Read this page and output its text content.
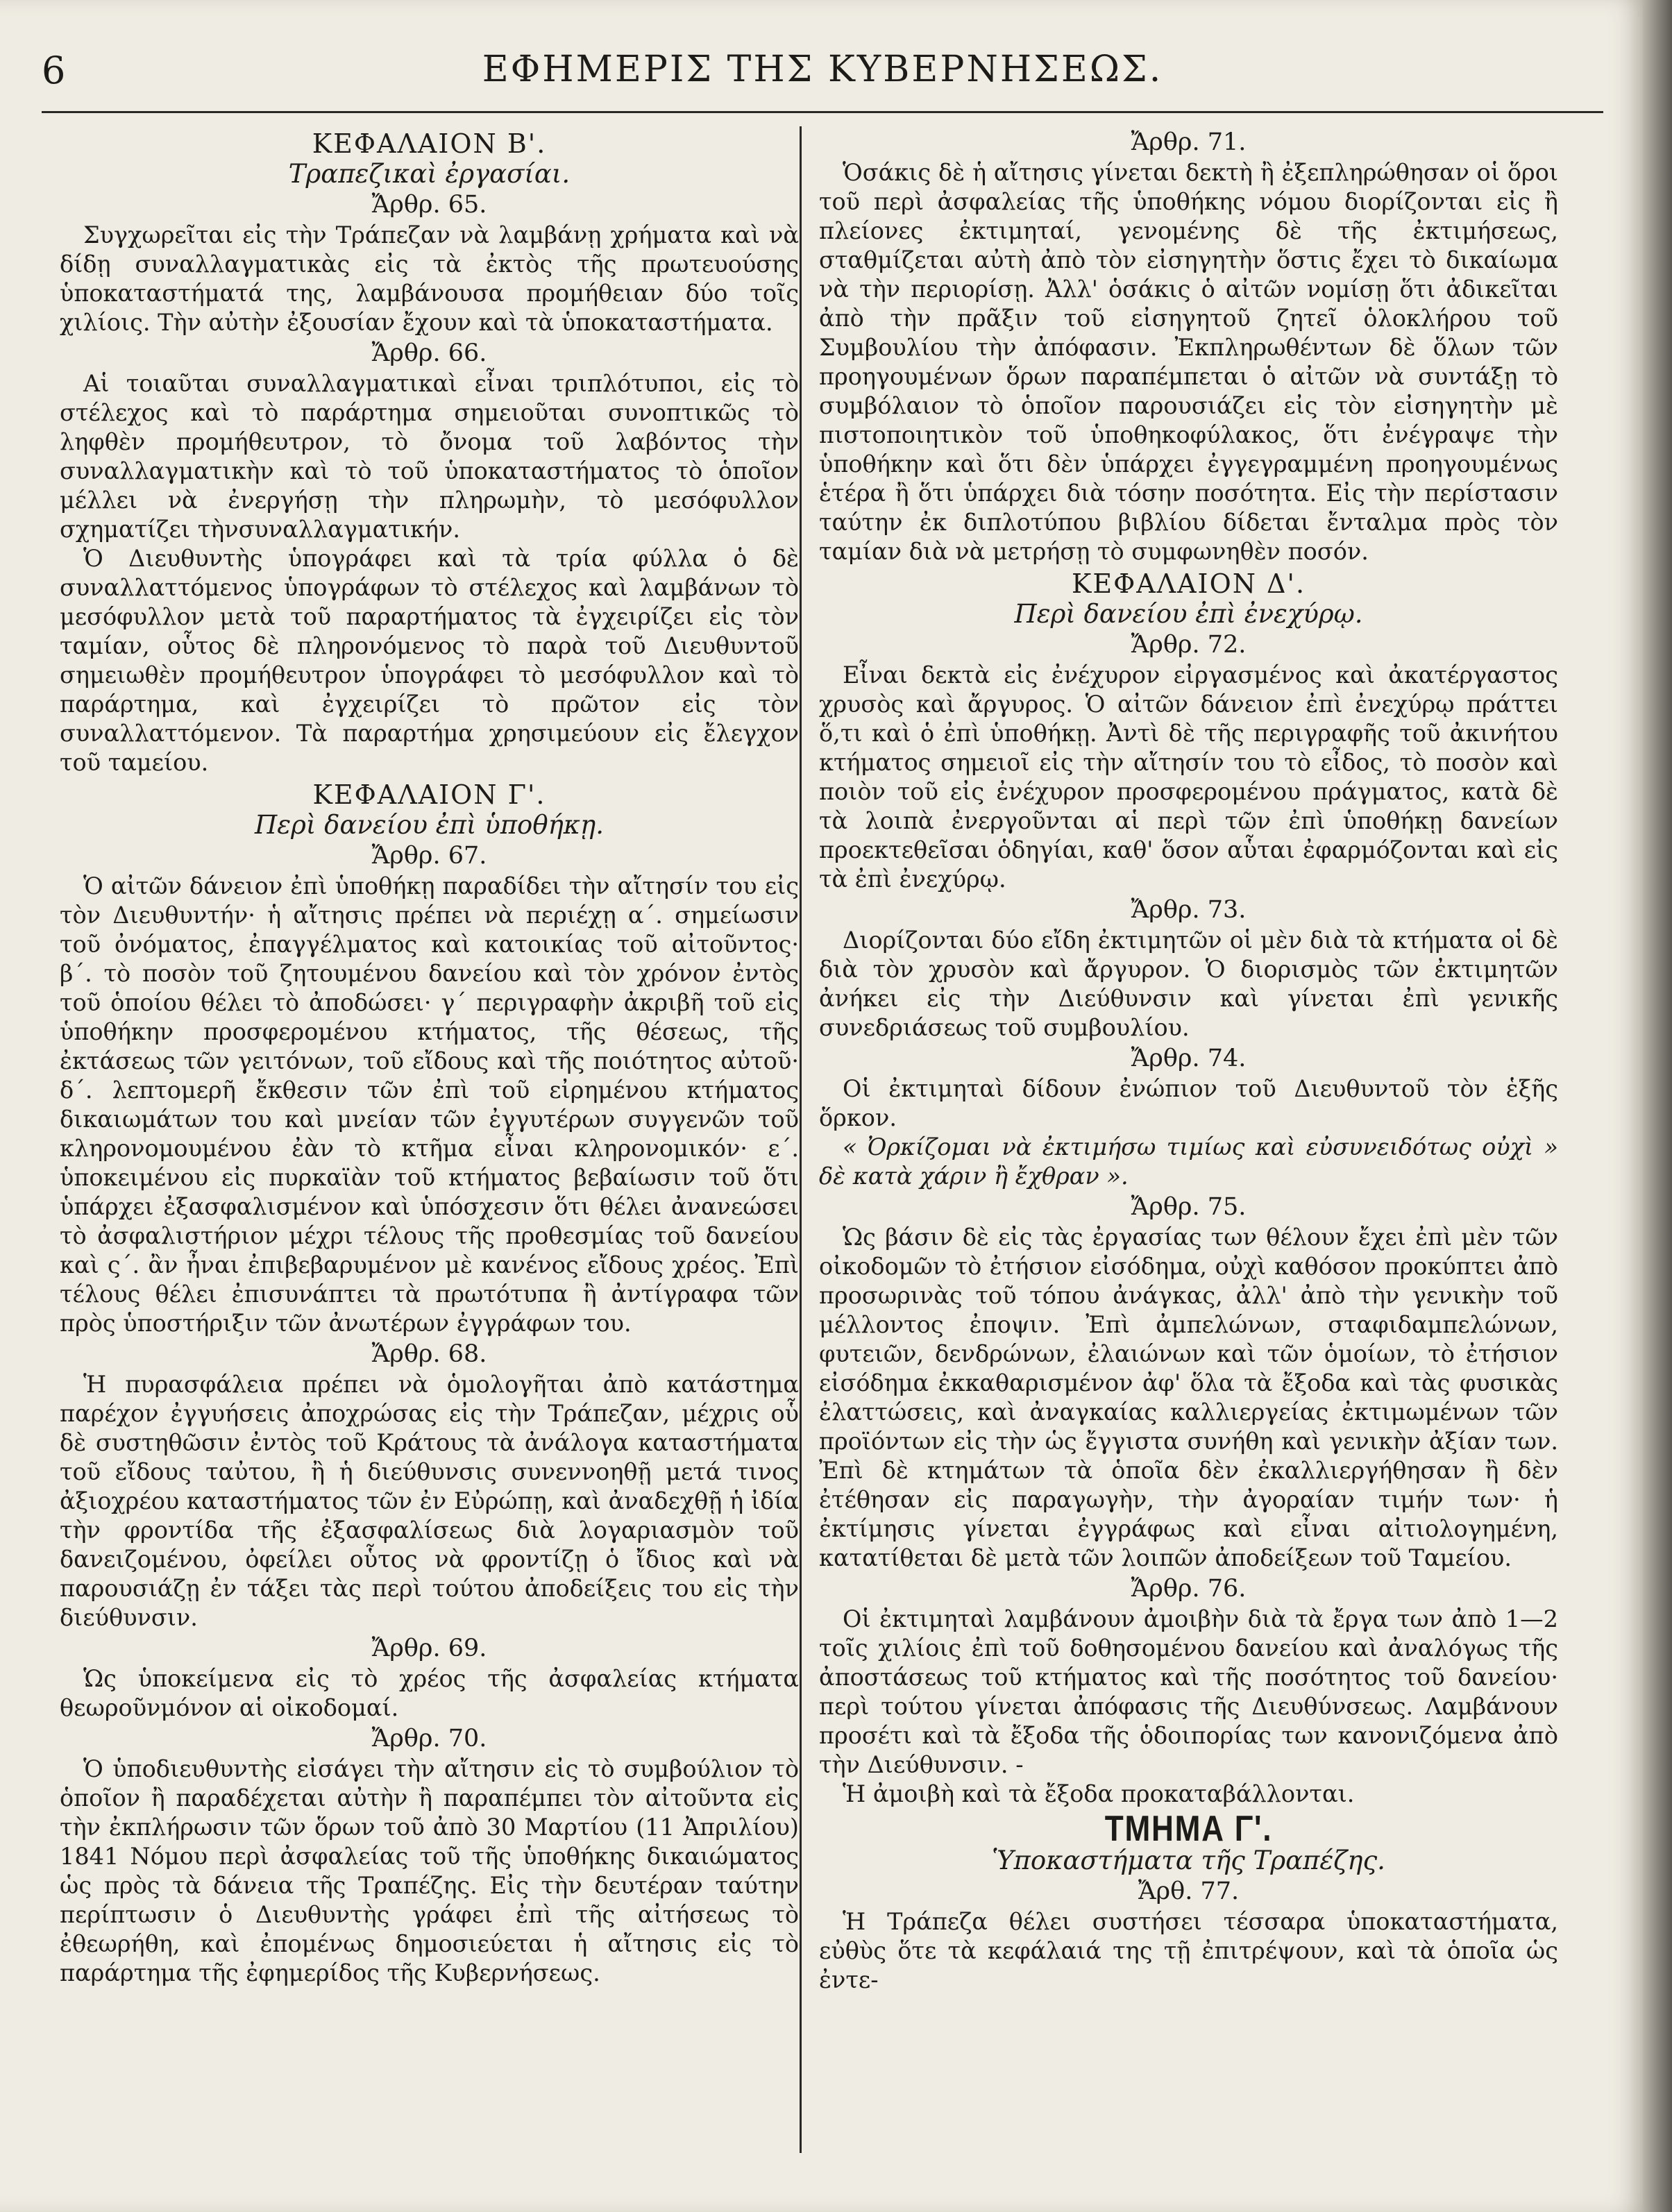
6	ΕΦΗΜΕΡΙΣ ΤΗΣ ΚΥΒΕΡΝΗΣΕΩΣ.
ΚΕΦΑΛΑΙΟΝ Β'.
Τραπεζικαὶ ἐργασίαι.
Ἄρθρ. 65.

Συγχωρεῖται εἰς τὴν Τράπεζαν νὰ λαμβάνῃ χρήματα καὶ νὰ δίδῃ συναλλαγματικὰς εἰς τὰ ἐκτὸς τῆς πρωτευούσης ὑποκαταστήματά της, λαμβάνουσα προμήθειαν δύο τοῖς χιλίοις. Τὴν αὐτὴν ἐξουσίαν ἔχουν καὶ τὰ ὑποκαταστήματα.

Ἄρθρ. 66.

Αἱ τοιαῦται συναλλαγματικαὶ εἶναι τριπλότυποι, εἰς τὸ στέλεχος καὶ τὸ παράρτημα σημειοῦται συνοπτικῶς τὸ ληφθὲν προμήθευτρον, τὸ ὄνομα τοῦ λαβόντος τὴν συναλλαγματικὴν καὶ τὸ τοῦ ὑποκαταστήματος τὸ ὁποῖον μέλλει νὰ ἐνεργήσῃ τὴν πληρωμὴν, τὸ μεσόφυλλον σχηματίζει τὴνσυναλλαγματικήν.

Ὁ Διευθυντὴς ὑπογράφει καὶ τὰ τρία φύλλα ὁ δὲ συναλλαττόμενος ὑπογράφων τὸ στέλεχος καὶ λαμβάνων τὸ μεσόφυλλον μετὰ τοῦ παραρτήματος τὰ ἐγχειρίζει εἰς τὸν ταμίαν, οὗτος δὲ πληρονόμενος τὸ παρὰ τοῦ Διευθυντοῦ σημειωθὲν προμήθευτρον ὑπογράφει τὸ μεσόφυλλον καὶ τὸ παράρτημα, καὶ ἐγχειρίζει τὸ πρῶτον εἰς τὸν συναλλαττόμενον. Τὰ παραρτήμα χρησιμεύουν εἰς ἔλεγχον τοῦ ταμείου.

ΚΕΦΑΛΑΙΟΝ Γ'.
Περὶ δανείου ἐπὶ ὑποθήκῃ.
Ἄρθρ. 67.

Ὁ αἰτῶν δάνειον ἐπὶ ὑποθήκῃ παραδίδει τὴν αἴτησίν του εἰς τὸν Διευθυντήν· ἡ αἴτησις πρέπει νὰ περιέχῃ α΄. σημείωσιν τοῦ ὀνόματος, ἐπαγγέλματος καὶ κατοικίας τοῦ αἰτοῦντος· β΄. τὸ ποσὸν τοῦ ζητουμένου δανείου καὶ τὸν χρόνον ἐντὸς τοῦ ὁποίου θέλει τὸ ἀποδώσει· γ΄ περιγραφὴν ἀκριβῆ τοῦ εἰς ὑποθήκην προσφερομένου κτήματος, τῆς θέσεως, τῆς ἐκτάσεως τῶν γειτόνων, τοῦ εἴδους καὶ τῆς ποιότητος αὐτοῦ· δ΄. λεπτομερῆ ἔκθεσιν τῶν ἐπὶ τοῦ εἰρημένου κτήματος δικαιωμάτων του καὶ μνείαν τῶν ἐγγυτέρων συγγενῶν τοῦ κληρονομουμένου ἐὰν τὸ κτῆμα εἶναι κληρονομικόν· ε΄. ὑποκειμένου εἰς πυρκαϊὰν τοῦ κτήματος βεβαίωσιν τοῦ ὅτι ὑπάρχει ἐξασφαλισμένον καὶ ὑπόσχεσιν ὅτι θέλει ἀνανεώσει τὸ ἀσφαλιστήριον μέχρι τέλους τῆς προθεσμίας τοῦ δανείου καὶ ς΄. ἂν ἦναι ἐπιβεβαρυμένον μὲ κανένος εἴδους χρέος. Ἐπὶ τέλους θέλει ἐπισυνάπτει τὰ πρωτότυπα ἢ ἀντίγραφα τῶν πρὸς ὑποστήριξιν τῶν ἀνωτέρων ἐγγράφων του.

Ἄρθρ. 68.

Ἡ πυρασφάλεια πρέπει νὰ ὁμολογῆται ἀπὸ κατάστημα παρέχον ἐγγυήσεις ἀποχρώσας εἰς τὴν Τράπεζαν, μέχρις οὗ δὲ συστηθῶσιν ἐντὸς τοῦ Κράτους τὰ ἀνάλογα καταστήματα τοῦ εἴδους ταὐτου, ἢ ἡ διεύθυνσις συνεννοηθῇ μετά τινος ἀξιοχρέου καταστήματος τῶν ἐν Εὐρώπῃ, καὶ ἀναδεχθῇ ἡ ἰδία τὴν φροντίδα τῆς ἐξασφαλίσεως διὰ λογαριασμὸν τοῦ δανειζομένου, ὀφείλει οὗτος νὰ φροντίζῃ ὁ ἴδιος καὶ νὰ παρουσιάζῃ ἐν τάξει τὰς περὶ τούτου ἀποδείξεις του εἰς τὴν διεύθυνσιν.

Ἄρθρ. 69.

Ὡς ὑποκείμενα εἰς τὸ χρέος τῆς ἀσφαλείας κτήματα θεωροῦνμόνον αἱ οἰκοδομαί.

Ἄρθρ. 70.

Ὁ ὑποδιευθυντὴς εἰσάγει τὴν αἴτησιν εἰς τὸ συμβούλιον τὸ ὁποῖον ἢ παραδέχεται αὐτὴν ἢ παραπέμπει τὸν αἰτοῦντα εἰς τὴν ἐκπλήρωσιν τῶν ὅρων τοῦ ἀπὸ 30 Μαρτίου (11 Ἀπριλίου) 1841 Νόμου περὶ ἀσφαλείας τοῦ τῆς ὑποθήκης δικαιώματος ὡς πρὸς τὰ δάνεια τῆς Τραπέζης. Εἰς τὴν δευτέραν ταύτην περίπτωσιν ὁ Διευθυντὴς γράφει ἐπὶ τῆς αἰτήσεως τὸ ἐθεωρήθη, καὶ ἐπομένως δημοσιεύεται ἡ αἴτησις εἰς τὸ παράρτημα τῆς ἐφημερίδος τῆς Κυβερνήσεως.

Ἄρθρ. 71.

Ὁσάκις δὲ ἡ αἴτησις γίνεται δεκτὴ ἢ ἐξεπληρώθησαν οἱ ὅροι τοῦ περὶ ἀσφαλείας τῆς ὑποθήκης νόμου διορίζονται εἰς ἢ πλείονες ἐκτιμηταί, γενομένης δὲ τῆς ἐκτιμήσεως, σταθμίζεται αὐτὴ ἀπὸ τὸν εἰσηγητὴν ὅστις ἔχει τὸ δικαίωμα νὰ τὴν περιορίσῃ. Ἀλλ' ὁσάκις ὁ αἰτῶν νομίσῃ ὅτι ἀδικεῖται ἀπὸ τὴν πρᾶξιν τοῦ εἰσηγητοῦ ζητεῖ ὁλοκλήρου τοῦ Συμβουλίου τὴν ἀπόφασιν. Ἐκπληρωθέντων δὲ ὅλων τῶν προηγουμένων ὅρων παραπέμπεται ὁ αἰτῶν νὰ συντάξῃ τὸ συμβόλαιον τὸ ὁποῖον παρουσιάζει εἰς τὸν εἰσηγητὴν μὲ πιστοποιητικὸν τοῦ ὑποθηκοφύλακος, ὅτι ἐνέγραψε τὴν ὑποθήκην καὶ ὅτι δὲν ὑπάρχει ἐγγεγραμμένη προηγουμένως ἑτέρα ἢ ὅτι ὑπάρχει διὰ τόσην ποσότητα. Εἰς τὴν περίστασιν ταύτην ἐκ διπλοτύπου βιβλίου δίδεται ἔνταλμα πρὸς τὸν ταμίαν διὰ νὰ μετρήσῃ τὸ συμφωνηθὲν ποσόν.

ΚΕΦΑΛΑΙΟΝ Δ'.
Περὶ δανείου ἐπὶ ἐνεχύρῳ.
Ἄρθρ. 72.

Εἶναι δεκτὰ εἰς ἐνέχυρον εἰργασμένος καὶ ἀκατέργαστος χρυσὸς καὶ ἄργυρος. Ὁ αἰτῶν δάνειον ἐπὶ ἐνεχύρῳ πράττει ὅ,τι καὶ ὁ ἐπὶ ὑποθήκῃ. Ἀντὶ δὲ τῆς περιγραφῆς τοῦ ἀκινήτου κτήματος σημειοῖ εἰς τὴν αἴτησίν του τὸ εἶδος, τὸ ποσὸν καὶ ποιὸν τοῦ εἰς ἐνέχυρον προσφερομένου πράγματος, κατὰ δὲ τὰ λοιπὰ ἐνεργοῦνται αἱ περὶ τῶν ἐπὶ ὑποθήκῃ δανείων προεκτεθεῖσαι ὁδηγίαι, καθ' ὅσον αὗται ἐφαρμόζονται καὶ εἰς τὰ ἐπὶ ἐνεχύρῳ.

Ἄρθρ. 73.

Διορίζονται δύο εἴδη ἐκτιμητῶν οἱ μὲν διὰ τὰ κτήματα οἱ δὲ διὰ τὸν χρυσὸν καὶ ἄργυρον. Ὁ διορισμὸς τῶν ἐκτιμητῶν ἀνήκει εἰς τὴν Διεύθυνσιν καὶ γίνεται ἐπὶ γενικῆς συνεδριάσεως τοῦ συμβουλίου.

Ἄρθρ. 74.

Οἱ ἐκτιμηταὶ δίδουν ἐνώπιον τοῦ Διευθυντοῦ τὸν ἑξῆς ὅρκον.

« Ὀρκίζομαι νὰ ἐκτιμήσω τιμίως καὶ εὐσυνειδότως οὐχὶ » δὲ κατὰ χάριν ἢ ἔχθραν ».

Ἄρθρ. 75.

Ὡς βάσιν δὲ εἰς τὰς ἐργασίας των θέλουν ἔχει ἐπὶ μὲν τῶν οἰκοδομῶν τὸ ἐτήσιον εἰσόδημα, οὐχὶ καθόσον προκύπτει ἀπὸ προσωρινὰς τοῦ τόπου ἀνάγκας, ἀλλ' ἀπὸ τὴν γενικὴν τοῦ μέλλοντος ἐποψιν. Ἐπὶ ἀμπελώνων, σταφιδαμπελώνων, φυτειῶν, δενδρώνων, ἐλαιώνων καὶ τῶν ὁμοίων, τὸ ἐτήσιον εἰσόδημα ἐκκαθαρισμένον ἀφ' ὅλα τὰ ἔξοδα καὶ τὰς φυσικὰς ἐλαττώσεις, καὶ ἀναγκαίας καλλιεργείας ἐκτιμωμένων τῶν προϊόντων εἰς τὴν ὡς ἔγγιστα συνήθη καὶ γενικὴν ἀξίαν των. Ἐπὶ δὲ κτημάτων τὰ ὁποῖα δὲν ἐκαλλιεργήθησαν ἢ δὲν ἐτέθησαν εἰς παραγωγὴν, τὴν ἀγοραίαν τιμήν των· ἡ ἐκτίμησις γίνεται ἐγγράφως καὶ εἶναι αἰτιολογημένη, κατατίθεται δὲ μετὰ τῶν λοιπῶν ἀποδείξεων τοῦ Ταμείου.

Ἄρθρ. 76.

Οἱ ἐκτιμηταὶ λαμβάνουν ἀμοιβὴν διὰ τὰ ἔργα των ἀπὸ 1—2 τοῖς χιλίοις ἐπὶ τοῦ δοθησομένου δανείου καὶ ἀναλόγως τῆς ἀποστάσεως τοῦ κτήματος καὶ τῆς ποσότητος τοῦ δανείου· περὶ τούτου γίνεται ἀπόφασις τῆς Διευθύνσεως. Λαμβάνουν προσέτι καὶ τὰ ἔξοδα τῆς ὁδοιπορίας των κανονιζόμενα ἀπὸ τὴν Διεύθυνσιν. -

Ἡ ἀμοιβὴ καὶ τὰ ἔξοδα προκαταβάλλονται.

ΤΜΗΜΑ Γ'.
Ὑποκαστήματα τῆς Τραπέζης.
Ἄρθ. 77.

Ἡ Τράπεζα θέλει συστήσει τέσσαρα ὑποκαταστήματα, εὐθὺς ὅτε τὰ κεφάλαιά της τῇ ἐπιτρέψουν, καὶ τὰ ὁποῖα ὡς ἐντε-
